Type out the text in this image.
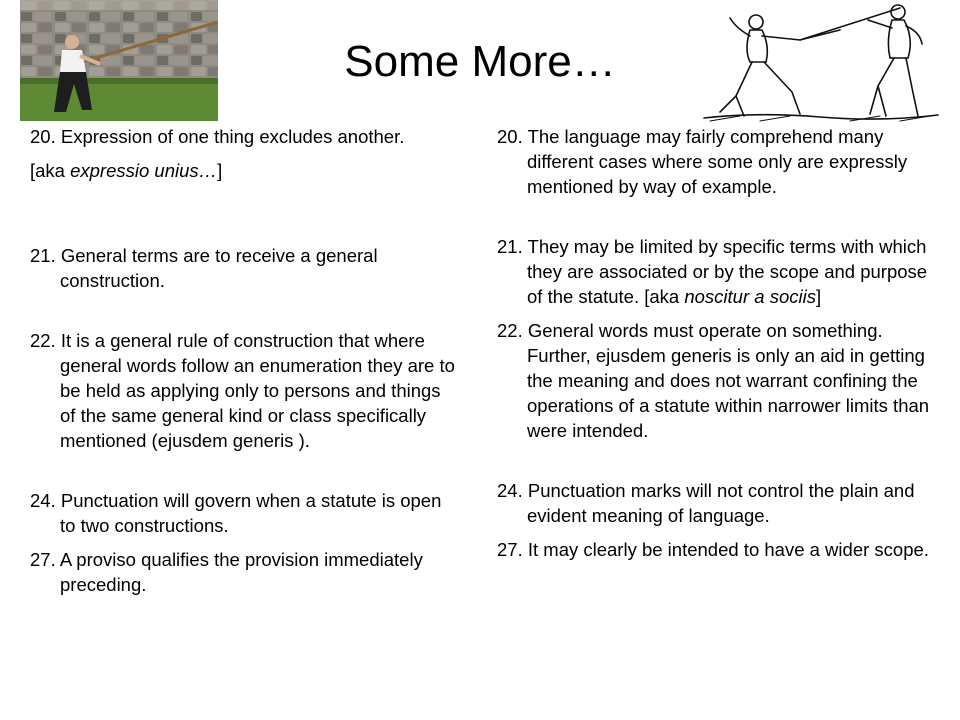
Some More…

20. Expression of one thing excludes another.

[aka expressio unius…]

21. General terms are to receive a general construction.

22. It is a general rule of construction that where general words follow an enumeration they are to be held as applying only to persons and things of the same general kind or class specifically mentioned (ejusdem generis ).

24. Punctuation will govern when a statute is open to two constructions.

27. A proviso qualifies the provision immediately preceding.

20. The language may fairly comprehend many different cases where some only are expressly mentioned by way of example.

21. They may be limited by specific terms with which they are associated or by the scope and purpose of the statute. [aka noscitur a sociis]

22. General words must operate on something. Further, ejusdem generis is only an aid in getting the meaning and does not warrant confining the operations of a statute within narrower limits than were intended.

24. Punctuation marks will not control the plain and evident meaning of language.

27. It may clearly be intended to have a wider scope.
